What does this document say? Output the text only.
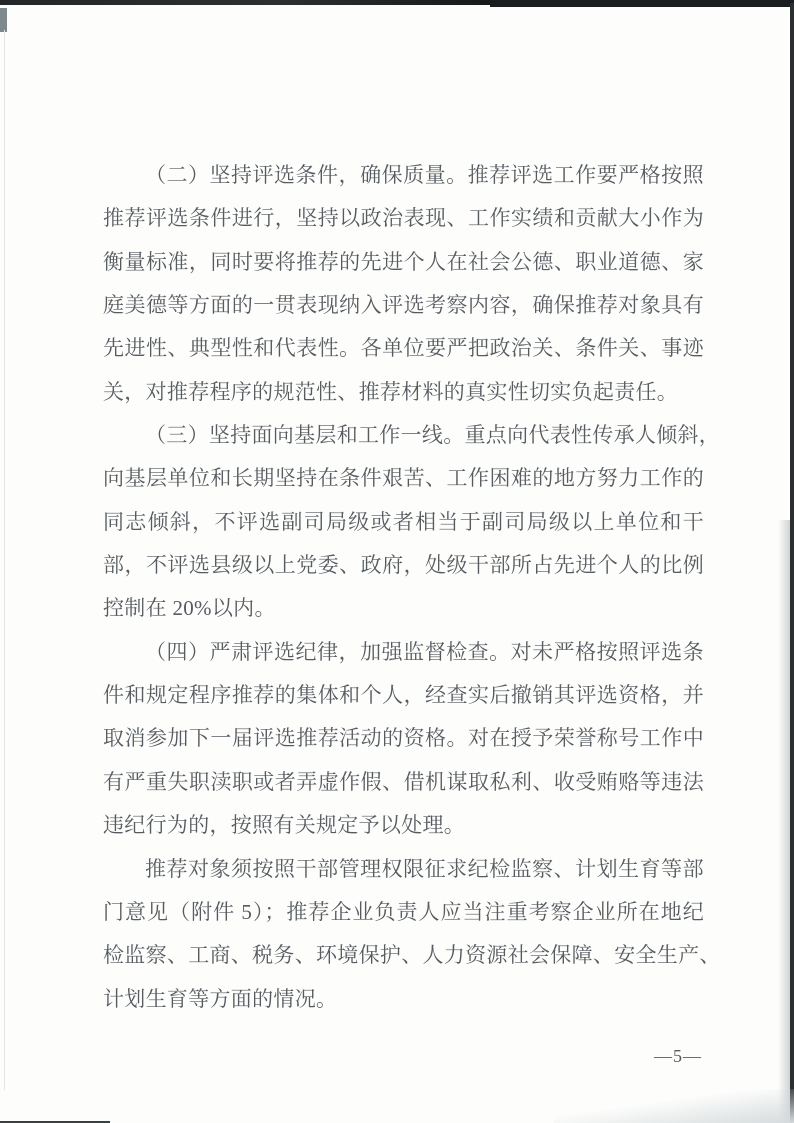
（二）坚持评选条件，确保质量。推荐评选工作要严格按照
推荐评选条件进行，坚持以政治表现、工作实绩和贡献大小作为
衡量标准，同时要将推荐的先进个人在社会公德、职业道德、家
庭美德等方面的一贯表现纳入评选考察内容，确保推荐对象具有
先进性、典型性和代表性。各单位要严把政治关、条件关、事迹
关，对推荐程序的规范性、推荐材料的真实性切实负起责任。
（三）坚持面向基层和工作一线。重点向代表性传承人倾斜，
向基层单位和长期坚持在条件艰苦、工作困难的地方努力工作的
同志倾斜，不评选副司局级或者相当于副司局级以上单位和干
部，不评选县级以上党委、政府，处级干部所占先进个人的比例
控制在 20%以内。
（四）严肃评选纪律，加强监督检查。对未严格按照评选条
件和规定程序推荐的集体和个人，经查实后撤销其评选资格，并
取消参加下一届评选推荐活动的资格。对在授予荣誉称号工作中
有严重失职渎职或者弄虚作假、借机谋取私利、收受贿赂等违法
违纪行为的，按照有关规定予以处理。
推荐对象须按照干部管理权限征求纪检监察、计划生育等部
门意见（附件 5）；推荐企业负责人应当注重考察企业所在地纪
检监察、工商、税务、环境保护、人力资源社会保障、安全生产、
计划生育等方面的情况。
—5—
